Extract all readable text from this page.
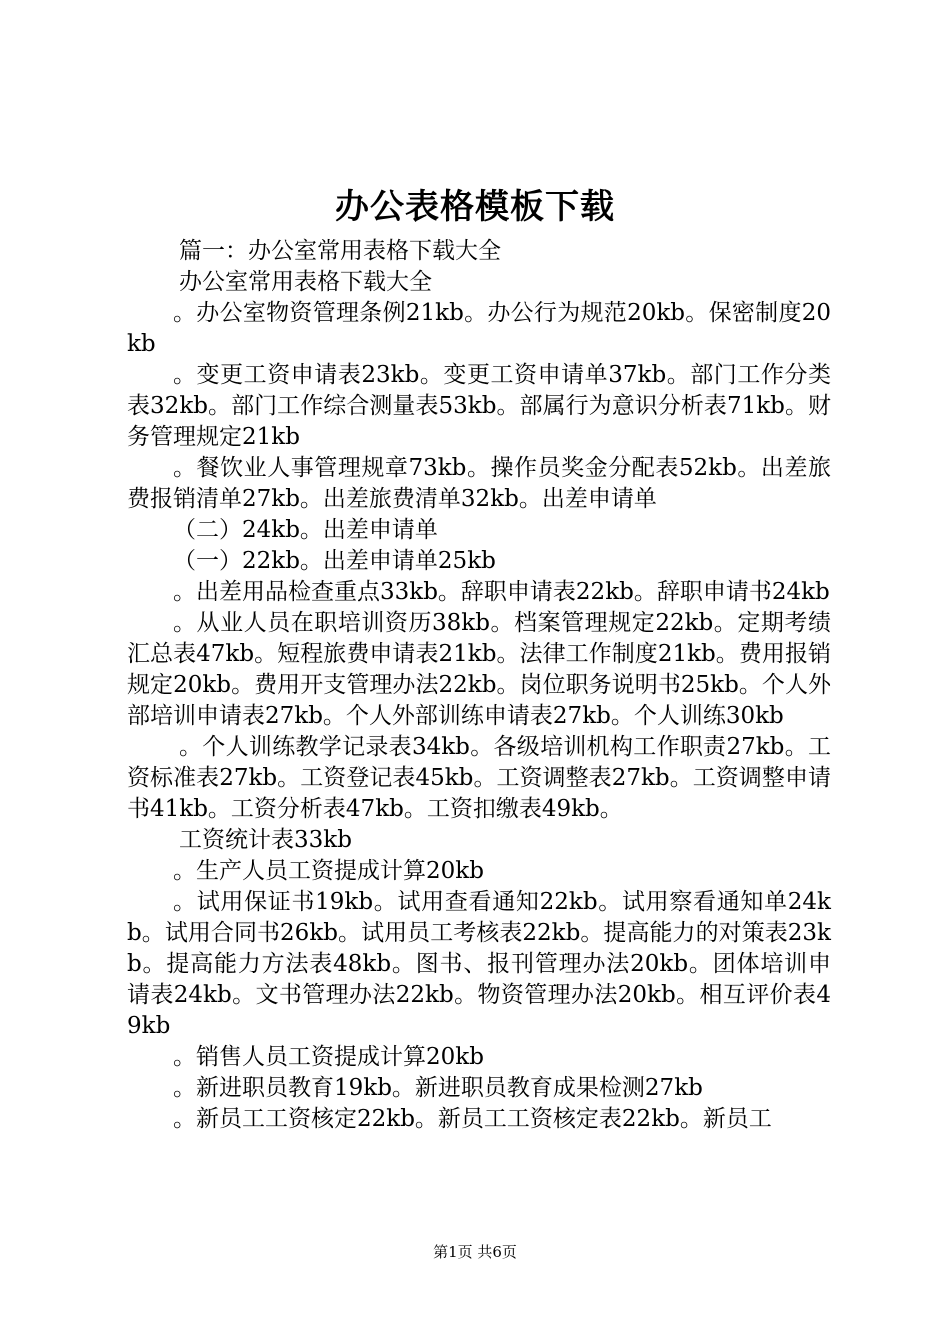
办公表格模板下载

篇一：办公室常用表格下载大全

办公室常用表格下载大全

。办公室物资管理条例21kb。办公行为规范20kb。保密制度20kb

。变更工资申请表23kb。变更工资申请单37kb。部门工作分类表32kb。部门工作综合测量表53kb。部属行为意识分析表71kb。财务管理规定21kb

。餐饮业人事管理规章73kb。操作员奖金分配表52kb。出差旅费报销清单27kb。出差旅费清单32kb。出差申请单

（二）24kb。出差申请单

（一）22kb。出差申请单25kb

。出差用品检查重点33kb。辞职申请表22kb。辞职申请书24kb

。从业人员在职培训资历38kb。档案管理规定22kb。定期考绩汇总表47kb。短程旅费申请表21kb。法律工作制度21kb。费用报销规定20kb。费用开支管理办法22kb。岗位职务说明书25kb。个人外部培训申请表27kb。个人外部训练申请表27kb。个人训练30kb

。个人训练教学记录表34kb。各级培训机构工作职责27kb。工资标准表27kb。工资登记表45kb。工资调整表27kb。工资调整申请书41kb。工资分析表47kb。工资扣缴表49kb。

工资统计表33kb

。生产人员工资提成计算20kb

。试用保证书19kb。试用查看通知22kb。试用察看通知单24kb。试用合同书26kb。试用员工考核表22kb。提高能力的对策表23kb。提高能力方法表48kb。图书、报刊管理办法20kb。团体培训申请表24kb。文书管理办法22kb。物资管理办法20kb。相互评价表49kb

。销售人员工资提成计算20kb

。新进职员教育19kb。新进职员教育成果检测27kb

。新员工工资核定22kb。新员工工资核定表22kb。新员工

第1页 共6页
